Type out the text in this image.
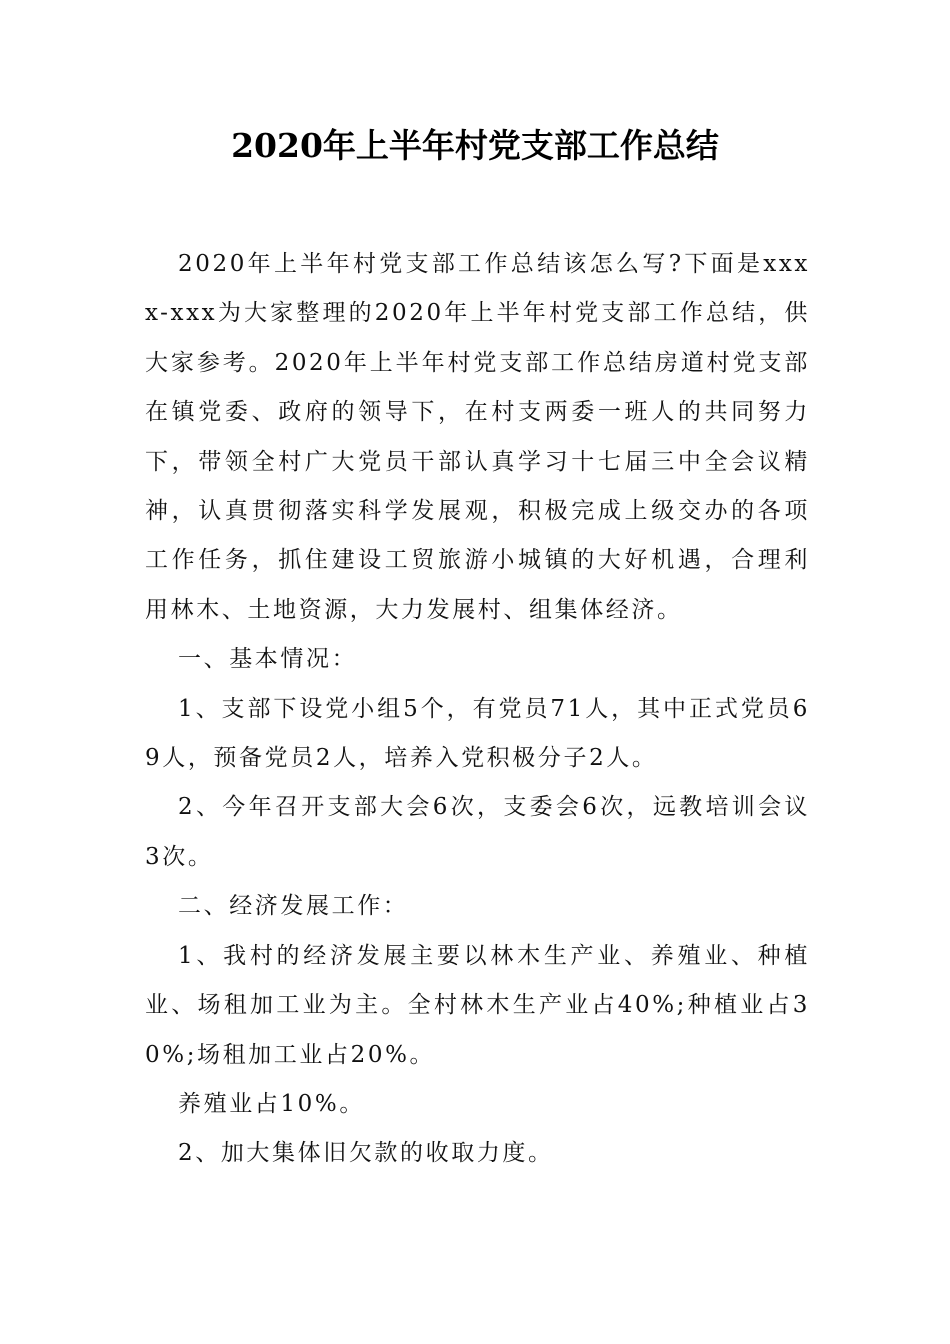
2020年上半年村党支部工作总结

2020年上半年村党支部工作总结该怎么写?下面是xxxx-xxx为大家整理的2020年上半年村党支部工作总结，供大家参考。2020年上半年村党支部工作总结房道村党支部在镇党委、政府的领导下，在村支两委一班人的共同努力下，带领全村广大党员干部认真学习十七届三中全会议精神，认真贯彻落实科学发展观，积极完成上级交办的各项工作任务，抓住建设工贸旅游小城镇的大好机遇，合理利用林木、土地资源，大力发展村、组集体经济。

一、基本情况：

1、支部下设党小组5个，有党员71人，其中正式党员69人，预备党员2人，培养入党积极分子2人。

2、今年召开支部大会6次，支委会6次，远教培训会议3次。

二、经济发展工作：

1、我村的经济发展主要以林木生产业、养殖业、种植业、场租加工业为主。全村林木生产业占40%;种植业占30%;场租加工业占20%。

养殖业占10%。

2、加大集体旧欠款的收取力度。
